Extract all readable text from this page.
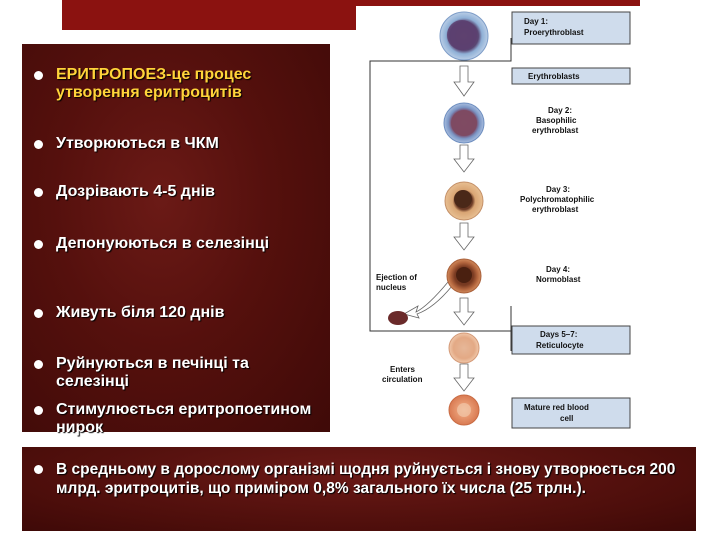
ЕРИТРОПОЕЗ-це процес утворення еритроцитів
Утворюються в ЧКМ
Дозрівають 4-5 днів
Депонуюються в селезінці
Живуть біля 120 днів
Руйнуються в печінці та селезінці
Стимулюється еритропоетином нирок
В средньому в дорослому організмі щодня руйнується і знову утворюється 200 млрд. эритроцитів, що приміром 0,8% загального їх числа (25 трлн.).
Day 1:
Proerythroblast
Erythroblasts
Day 2:
Basophilic
erythroblast
Day 3:
Polychromatophilic
erythroblast
Day 4:
Normoblast
Days 5–7:
Reticulocyte
Mature red blood
cell
Ejection of
nucleus
Enters
circulation
